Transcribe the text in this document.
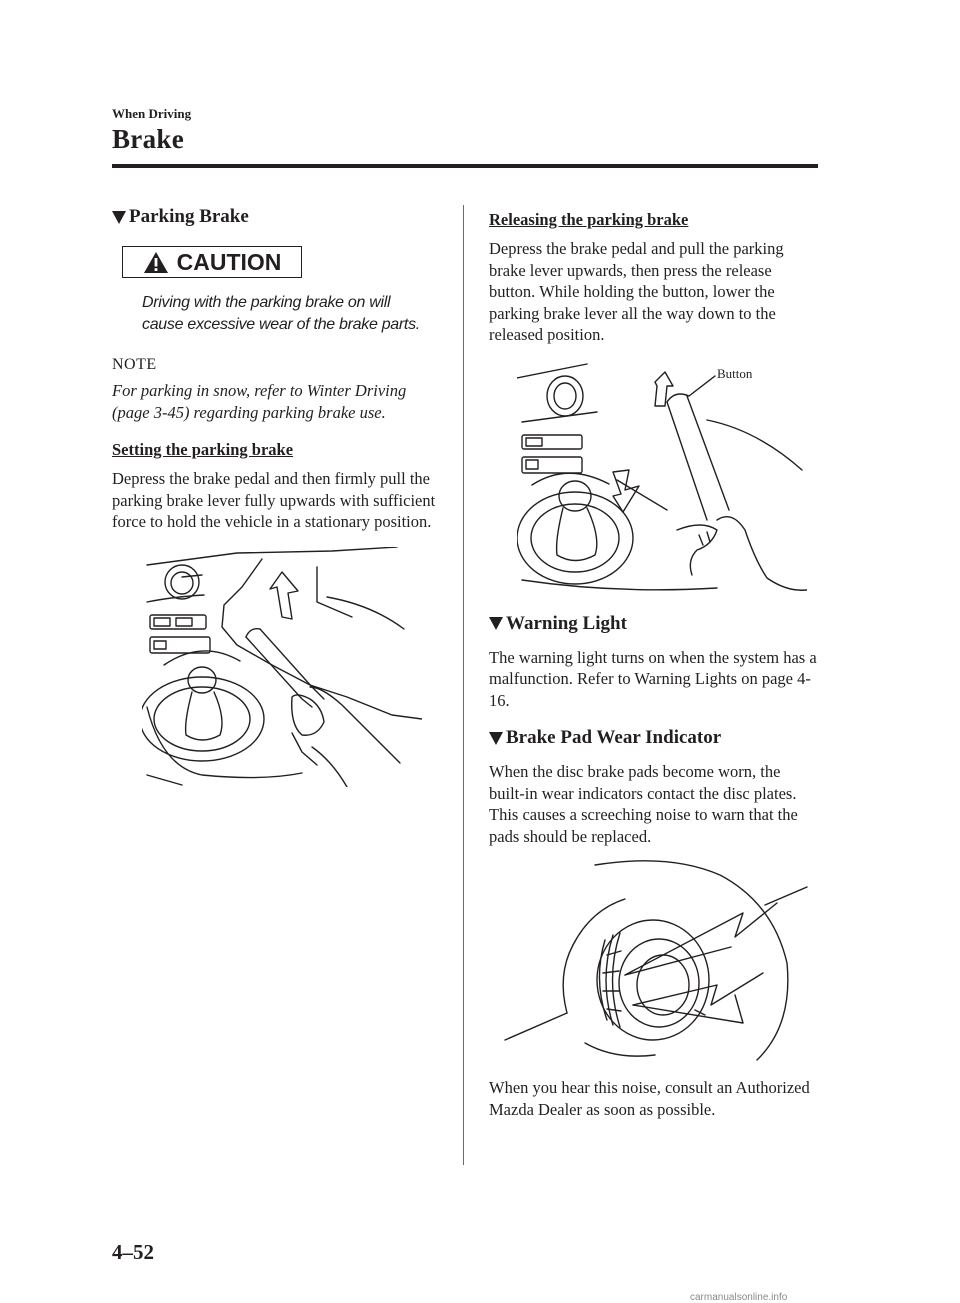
When Driving
Brake
Parking Brake
CAUTION
Driving with the parking brake on will cause excessive wear of the brake parts.
NOTE
For parking in snow, refer to Winter Driving (page 3-45) regarding parking brake use.
Setting the parking brake

Depress the brake pedal and then firmly pull the parking brake lever fully upwards with sufficient force to hold the vehicle in a stationary position.

Releasing the parking brake

Depress the brake pedal and pull the parking brake lever upwards, then press the release button. While holding the button, lower the parking brake lever all the way down to the released position.

Button
Warning Light

The warning light turns on when the system has a malfunction. Refer to Warning Lights on page 4-16.

Brake Pad Wear Indicator

When the disc brake pads become worn, the built-in wear indicators contact the disc plates. This causes a screeching noise to warn that the pads should be replaced.

When you hear this noise, consult an Authorized Mazda Dealer as soon as possible.

4–52
carmanualsonline.info
